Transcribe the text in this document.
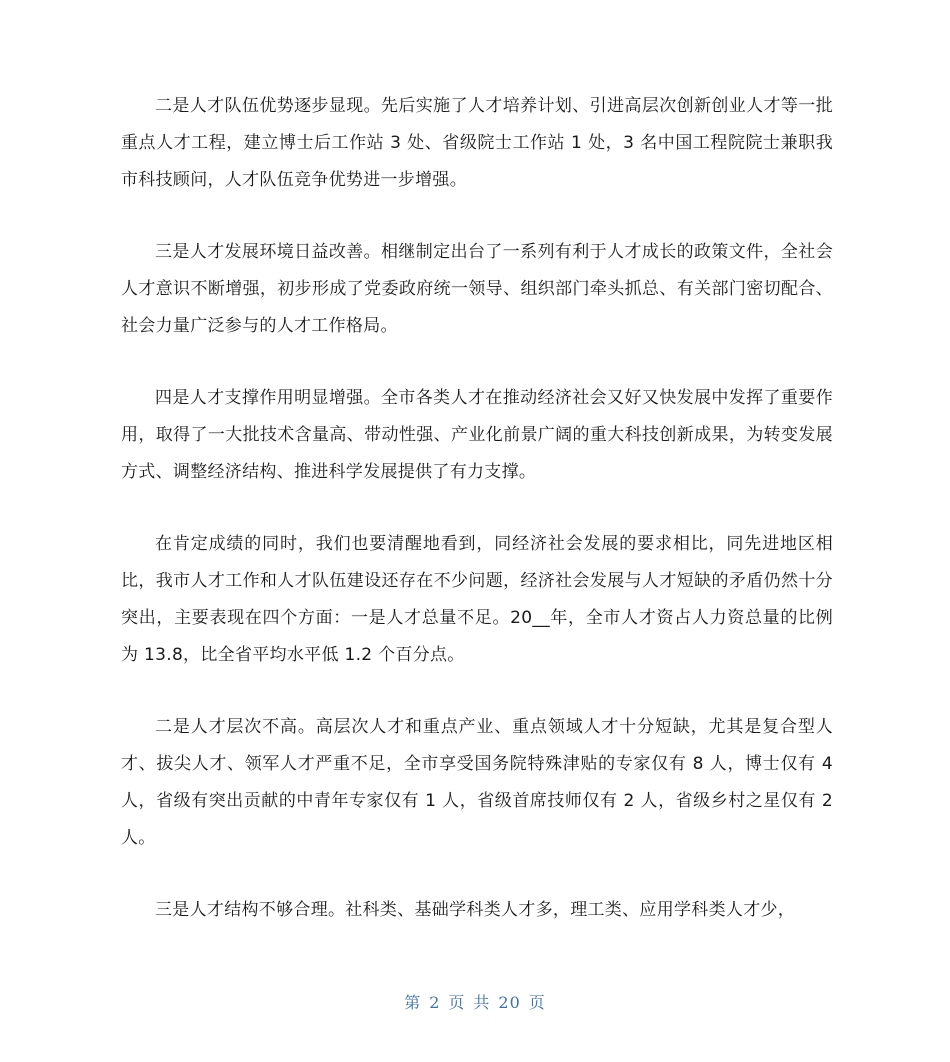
二是人才队伍优势逐步显现。先后实施了人才培养计划、引进高层次创新创业人才等一批重点人才工程，建立博士后工作站 3 处、省级院士工作站 1 处，3 名中国工程院院士兼职我市科技顾问，人才队伍竞争优势进一步增强。

三是人才发展环境日益改善。相继制定出台了一系列有利于人才成长的政策文件，全社会人才意识不断增强，初步形成了党委政府统一领导、组织部门牵头抓总、有关部门密切配合、社会力量广泛参与的人才工作格局。

四是人才支撑作用明显增强。全市各类人才在推动经济社会又好又快发展中发挥了重要作用，取得了一大批技术含量高、带动性强、产业化前景广阔的重大科技创新成果，为转变发展方式、调整经济结构、推进科学发展提供了有力支撑。

在肯定成绩的同时，我们也要清醒地看到，同经济社会发展的要求相比，同先进地区相比，我市人才工作和人才队伍建设还存在不少问题，经济社会发展与人才短缺的矛盾仍然十分突出，主要表现在四个方面：一是人才总量不足。20__年，全市人才资占人力资总量的比例为 13.8，比全省平均水平低 1.2 个百分点。

二是人才层次不高。高层次人才和重点产业、重点领域人才十分短缺，尤其是复合型人才、拔尖人才、领军人才严重不足，全市享受国务院特殊津贴的专家仅有 8 人，博士仅有 4 人，省级有突出贡献的中青年专家仅有 1 人，省级首席技师仅有 2 人，省级乡村之星仅有 2 人。

三是人才结构不够合理。社科类、基础学科类人才多，理工类、应用学科类人才少，

第 2 页 共 20 页
